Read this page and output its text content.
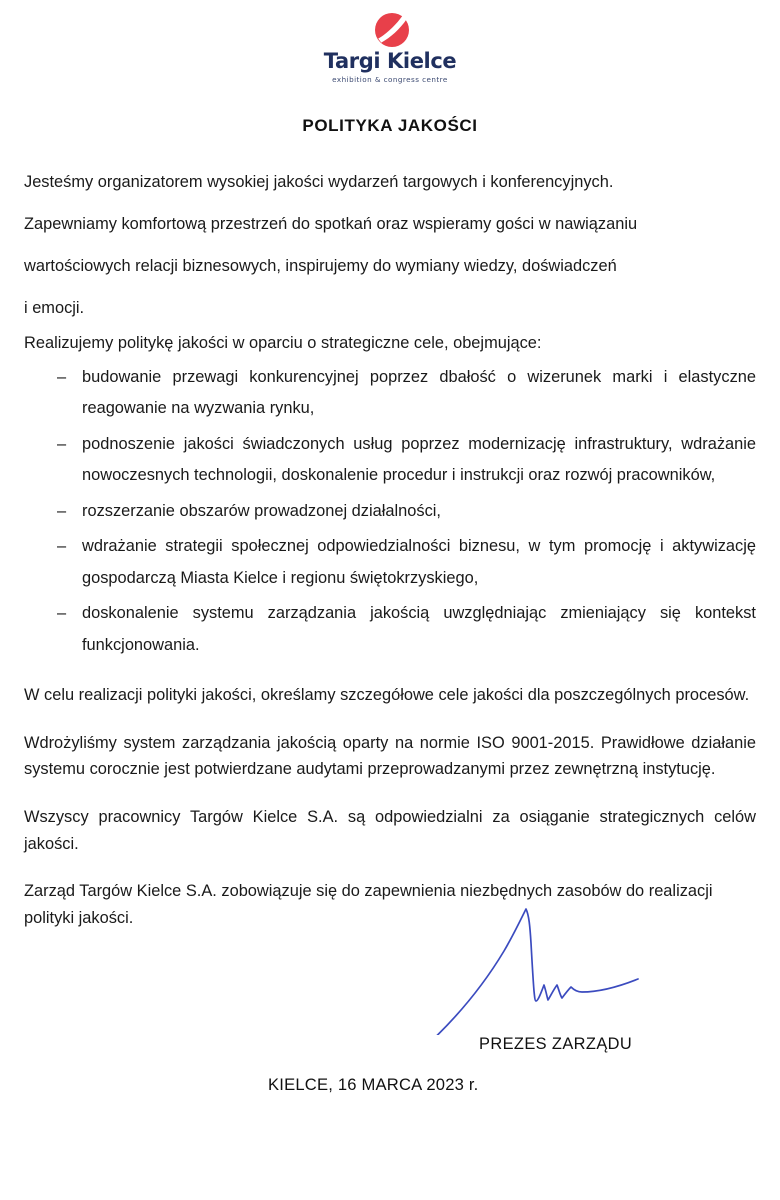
Targi Kielce
exhibition & congress centre
POLITYKA JAKOŚCI

Jesteśmy organizatorem wysokiej jakości wydarzeń targowych i konferencyjnych.

Zapewniamy komfortową przestrzeń do spotkań oraz wspieramy gości w nawiązaniu

wartościowych relacji biznesowych, inspirujemy do wymiany wiedzy, doświadczeń

i emocji.

Realizujemy politykę jakości w oparciu o strategiczne cele, obejmujące:

– budowanie przewagi konkurencyjnej poprzez dbałość o wizerunek marki i elastyczne reagowanie na wyzwania rynku,
– podnoszenie jakości świadczonych usług poprzez modernizację infrastruktury, wdrażanie nowoczesnych technologii, doskonalenie procedur i instrukcji oraz rozwój pracowników,
– rozszerzanie obszarów prowadzonej działalności,
– wdrażanie strategii społecznej odpowiedzialności biznesu, w tym promocję i aktywizację gospodarczą Miasta Kielce i regionu świętokrzyskiego,
– doskonalenie systemu zarządzania jakością uwzględniając zmieniający się kontekst funkcjonowania.

W celu realizacji polityki jakości, określamy szczegółowe cele jakości dla poszczególnych procesów.

Wdrożyliśmy system zarządzania jakością oparty na normie ISO 9001-2015. Prawidłowe działanie systemu corocznie jest potwierdzane audytami przeprowadzanymi przez zewnętrzną instytucję.

Wszyscy pracownicy Targów Kielce S.A. są odpowiedzialni za osiąganie strategicznych celów jakości.

Zarząd Targów Kielce S.A. zobowiązuje się do zapewnienia niezbędnych zasobów do realizacji polityki jakości.

PREZES ZARZĄDU
KIELCE, 16 MARCA 2023 r.
